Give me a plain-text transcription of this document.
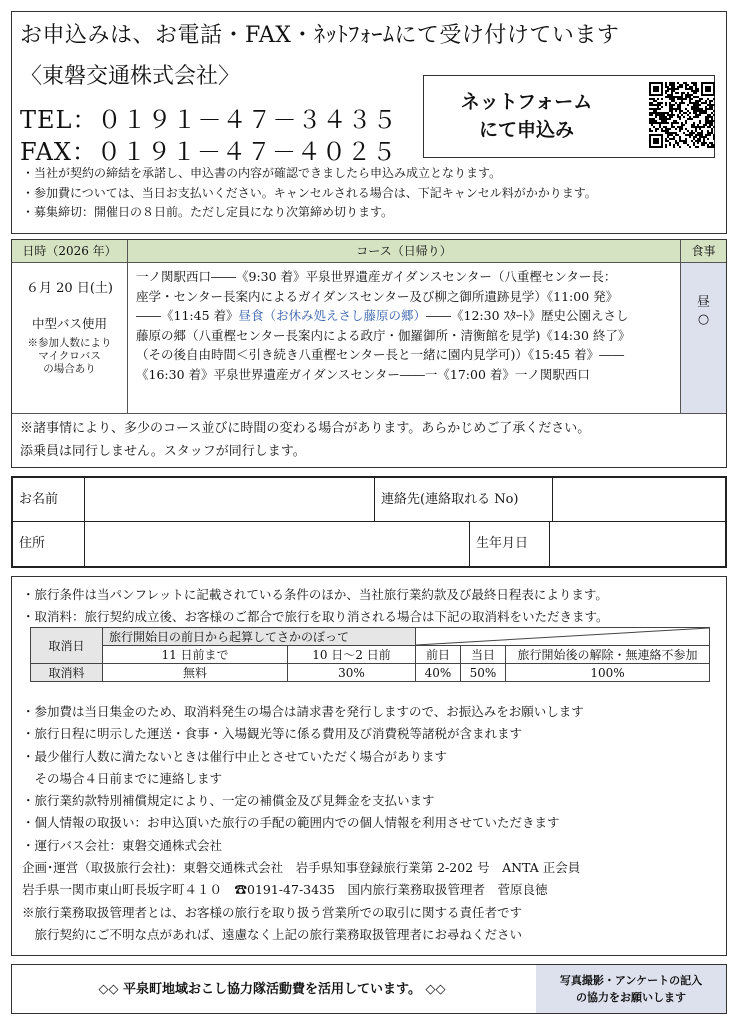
お申込みは、お電話・FAX・ﾈｯﾄﾌｫｰﾑにて受け付けています
〈東磐交通株式会社〉
TEL：０１９１－４７－３４３５
FAX：０１９１－４７－４０２５
ネットフォーム
にて申込み
・当社が契約の締結を承諾し、申込書の内容が確認できましたら申込み成立となります。
・参加費については、当日お支払いください。キャンセルされる場合は、下記キャンセル料がかかります。
・募集締切：開催日の８日前。ただし定員になり次第締め切ります。
日時（2026 年）	コース（日帰り）	食事
６月 20 日(土)
中型バス使用
※参加人数により
マイクロバス
の場合あり
一ノ関駅西口――《9:30 着》平泉世界遺産ガイダンスセンター（八重樫センター長：
座学・センター長案内によるガイダンスセンター及び柳之御所遺跡見学）《11:00 発》
――《11:45 着》昼食（お休み処えさし藤原の郷）――《12:30 ｽﾀｰﾄ》歴史公園えさし
藤原の郷（八重樫センター長案内による政庁・伽羅御所・清衡館を見学)《14:30 終了》
（その後自由時間＜引き続き八重樫センター長と一緒に園内見学可)）《15:45 着》――
《16:30 着》平泉世界遺産ガイダンスセンター――一《17:00 着》一ノ関駅西口
昼
○
※諸事情により、多少のコース並びに時間の変わる場合があります。あらかじめご了承ください。
添乗員は同行しません。スタッフが同行します。
お名前	連絡先(連絡取れる No)
住所	生年月日
・旅行条件は当パンフレットに記載されている条件のほか、当社旅行業約款及び最終日程表によります。
・取消料：旅行契約成立後、お客様のご都合で旅行を取り消される場合は下記の取消料をいただきます。
取消日	旅行開始日の前日から起算してさかのぼって	

	11 日前まで	10 日～2 日前	前日	当日	旅行開始後の解除・無連絡不参加
取消料	無料	30%	40%	50%	100%
・参加費は当日集金のため、取消料発生の場合は請求書を発行しますので、お振込みをお願いします
・旅行日程に明示した運送・食事・入場観光等に係る費用及び消費税等諸税が含まれます
・最少催行人数に満たないときは催行中止とさせていただく場合があります
　その場合４日前までに連絡します
・旅行業約款特別補償規定により、一定の補償金及び見舞金を支払います
・個人情報の取扱い：お申込頂いた旅行の手配の範囲内での個人情報を利用させていただきます
・運行バス会社：東磐交通株式会社
企画･運営（取扱旅行会社)：東磐交通株式会社　岩手県知事登録旅行業第 2-202 号　ANTA 正会員
岩手県一関市東山町長坂字町４１０　☎0191-47-3435　国内旅行業務取扱管理者　菅原良徳
※旅行業務取扱管理者とは、お客様の旅行を取り扱う営業所での取引に関する責任者です
　旅行契約にご不明な点があれば、遠慮なく上記の旅行業務取扱管理者にお尋ねください
◇◇ 平泉町地域おこし協力隊活動費を活用しています。 ◇◇
写真撮影・アンケートの記入
の協力をお願いします
